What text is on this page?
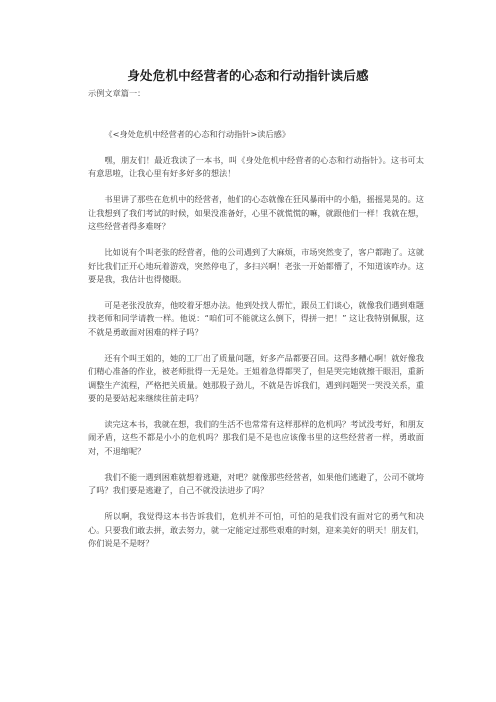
身处危机中经营者的心态和行动指针读后感
示例文章篇一：

《<身处危机中经营者的心态和行动指针>读后感》

嘿，朋友们！最近我读了一本书，叫《身处危机中经营者的心态和行动指针》。这书可太有意思啦，让我心里有好多好多的想法！

书里讲了那些在危机中的经营者，他们的心态就像在狂风暴雨中的小船，摇摇晃晃的。这让我想到了我们考试的时候，如果没准备好，心里不就慌慌的嘛，就跟他们一样！我就在想，这些经营者得多难呀？

比如说有个叫老张的经营者，他的公司遇到了大麻烦，市场突然变了，客户都跑了。这就好比我们正开心地玩着游戏，突然停电了，多扫兴啊！老张一开始都懵了，不知道该咋办。这要是我，我估计也得傻眼。

可是老张没放弃，他咬着牙想办法。他到处找人帮忙，跟员工们谈心，就像我们遇到难题找老师和同学请教一样。他说：“咱们可不能就这么倒下，得拼一把！” 这让我特别佩服，这不就是勇敢面对困难的样子吗？

还有个叫王姐的，她的工厂出了质量问题，好多产品都要召回。这得多糟心啊！就好像我们精心准备的作业，被老师批得一无是处。王姐着急得都哭了，但是哭完她就擦干眼泪，重新调整生产流程，严格把关质量。她那股子劲儿，不就是告诉我们，遇到问题哭一哭没关系，重要的是要站起来继续往前走吗？

读完这本书，我就在想，我们的生活不也常常有这样那样的危机吗？考试没考好，和朋友闹矛盾，这些不都是小小的危机吗？那我们是不是也应该像书里的这些经营者一样，勇敢面对，不退缩呢？

我们不能一遇到困难就想着逃避，对吧？就像那些经营者，如果他们逃避了，公司不就垮了吗？我们要是逃避了，自己不就没法进步了吗？

所以啊，我觉得这本书告诉我们，危机并不可怕，可怕的是我们没有面对它的勇气和决心。只要我们敢去拼，敢去努力，就一定能定过那些艰难的时刻，迎来美好的明天！朋友们，你们说是不是呀？
